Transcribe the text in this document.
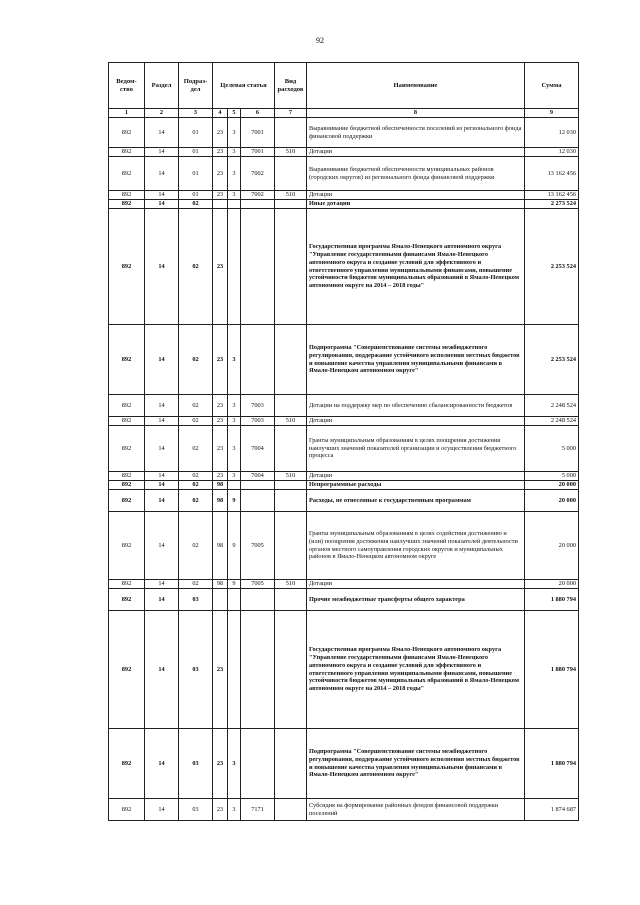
92
Ведом-ство	Раздел	Подраз-дел	Целевая статья			Вид расходов	Наименование	Сумма
1	2	3	4	5	6	7	8	9
892	14	01	23	3	7001		Выравнивание бюджетной обеспеченности поселений из регионального фонда финансовой поддержки	12 030
892	14	01	23	3	7001	510	Дотации	12 030
892	14	01	23	3	7002		Выравнивание бюджетной обеспеченности муниципальных районов (городских округов) из регионального фонда финансовой поддержки	13 162 456
892	14	01	23	3	7002	510	Дотации	13 162 456
892	14	02					Иные дотации	2 273 524
892	14	02	23				Государственная программа Ямало-Ненецкого автономного округа "Управление государственными финансами Ямало-Ненецкого автономного округа и создание условий для эффективного и ответственного управления муниципальными финансами, повышение устойчивости бюджетов муниципальных образований в Ямало-Ненецком автономном округе на 2014 – 2018 годы"	2 253 524
892	14	02	23	3			Подпрограмма "Совершенствование системы межбюджетного регулирования, поддержание устойчивого исполнения местных бюджетов и повышение качества управления муниципальными финансами в Ямало-Ненецком автономном округе"	2 253 524
892	14	02	23	3	7003		Дотации на поддержку мер по обеспечению сбалансированности бюджетов	2 248 524
892	14	02	23	3	7003	510	Дотации	2 248 524
892	14	02	23	3	7004		Гранты муниципальным образованиям в целях поощрения достижения наилучших значений показателей организации и осуществления бюджетного процесса	5 000
892	14	02	23	3	7004	510	Дотации	5 000
892	14	02	98				Непрограммные расходы	20 000
892	14	02	98	9			Расходы, не отнесенные к государственным программам	20 000
892	14	02	98	9	7005		Гранты муниципальным образованиям в целях содействия достижению и (или) поощрения достижения наилучших значений показателей деятельности органов местного самоуправления городских округов и муниципальных районов в Ямало-Ненецком автономном округе	20 000
892	14	02	98	9	7005	510	Дотации	20 000
892	14	03					Прочие межбюджетные трансферты общего характера	1 880 794
892	14	03	23				Государственная программа Ямало-Ненецкого автономного округа "Управление государственными финансами Ямало-Ненецкого автономного округа и создание условий для эффективного и ответственного управления муниципальными финансами, повышение устойчивости бюджетов муниципальных образований в Ямало-Ненецком автономном округе на 2014 – 2018 годы"	1 880 794
892	14	03	23	3			Подпрограмма "Совершенствование системы межбюджетного регулирования, поддержание устойчивого исполнения местных бюджетов и повышение качества управления муниципальными финансами в Ямало-Ненецком автономном округе"	1 880 794
892	14	03	23	3	7171		Субсидия на формирование районных фондов финансовой поддержки поселений	1 874 687
